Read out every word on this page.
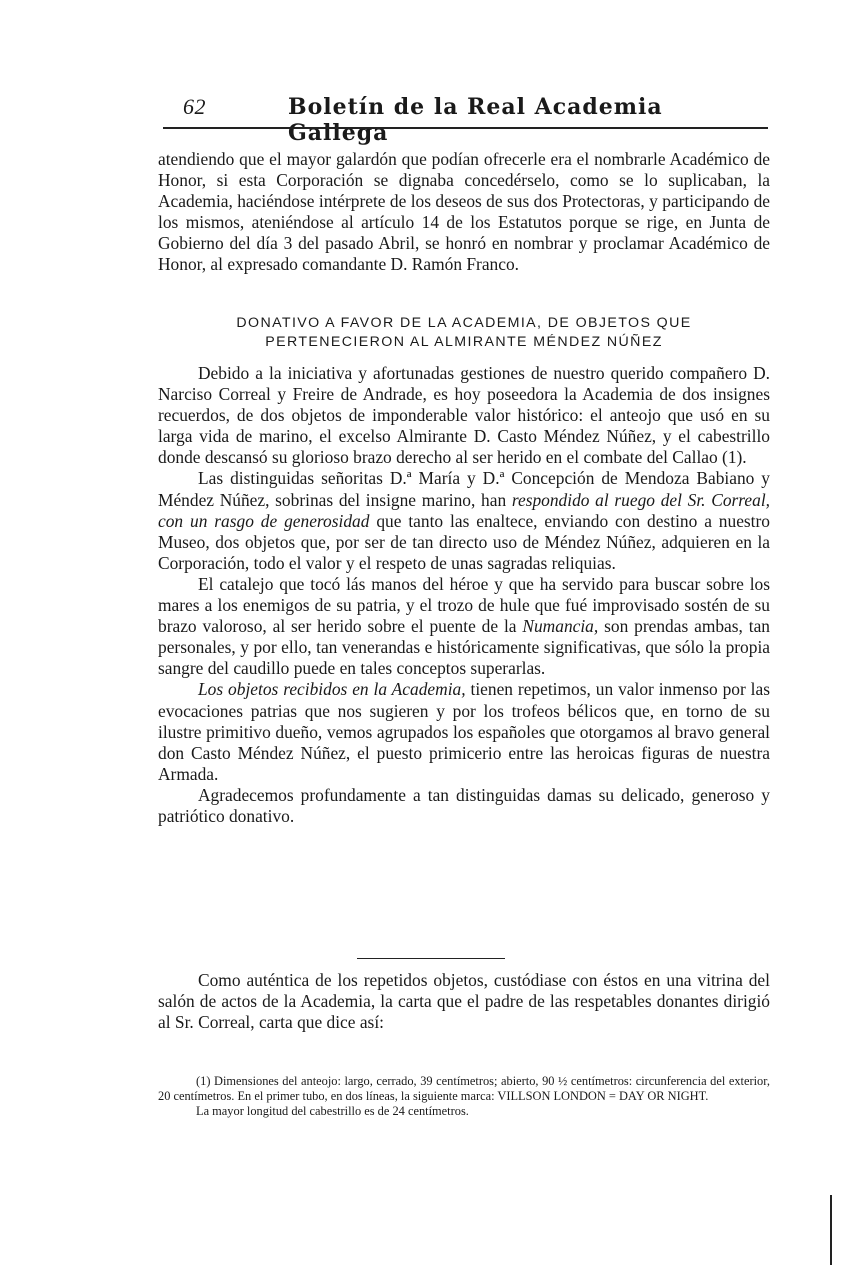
62	Boletín de la Real Academia Gallega

atendiendo que el mayor galardón que podían ofrecerle era el nombrarle Académico de Honor, si esta Corporación se dignaba concedérselo, como se lo suplicaban, la Academia, haciéndose intérprete de los deseos de sus dos Protectoras, y participando de los mismos, ateniéndose al artículo 14 de los Estatutos porque se rige, en Junta de Gobierno del día 3 del pasado Abril, se honró en nombrar y proclamar Académico de Honor, al expresado comandante D. Ramón Franco.

DONATIVO A FAVOR DE LA ACADEMIA, DE OBJETOS QUE
PERTENECIERON AL ALMIRANTE MÉNDEZ NÚÑEZ

Debido a la iniciativa y afortunadas gestiones de nuestro querido compañero D. Narciso Correal y Freire de Andrade, es hoy poseedora la Academia de dos insignes recuerdos, de dos objetos de imponderable valor histórico: el anteojo que usó en su larga vida de marino, el excelso Almirante D. Casto Méndez Núñez, y el cabestrillo donde descansó su glorioso brazo derecho al ser herido en el combate del Callao (1).

Las distinguidas señoritas D.ª María y D.ª Concepción de Mendoza Babiano y Méndez Núñez, sobrinas del insigne marino, han respondido al ruego del Sr. Correal, con un rasgo de generosidad que tanto las enaltece, enviando con destino a nuestro Museo, dos objetos que, por ser de tan directo uso de Méndez Núñez, adquieren en la Corporación, todo el valor y el respeto de unas sagradas reliquias.

El catalejo que tocó lás manos del héroe y que ha servido para buscar sobre los mares a los enemigos de su patria, y el trozo de hule que fué improvisado sostén de su brazo valoroso, al ser herido sobre el puente de la Numancia, son prendas ambas, tan personales, y por ello, tan venerandas e históricamente significativas, que sólo la propia sangre del caudillo puede en tales conceptos superarlas.

Los objetos recibidos en la Academia, tienen repetimos, un valor inmenso por las evocaciones patrias que nos sugieren y por los trofeos bélicos que, en torno de su ilustre primitivo dueño, vemos agrupados los españoles que otorgamos al bravo general don Casto Méndez Núñez, el puesto primicerio entre las heroicas figuras de nuestra Armada.

Agradecemos profundamente a tan distinguidas damas su delicado, generoso y patriótico donativo.

Como auténtica de los repetidos objetos, custódiase con éstos en una vitrina del salón de actos de la Academia, la carta que el padre de las respetables donantes dirigió al Sr. Correal, carta que dice así:

(1) Dimensiones del anteojo: largo, cerrado, 39 centímetros; abierto, 90 ½ centímetros: circunferencia del exterior, 20 centímetros. En el primer tubo, en dos líneas, la siguiente marca: VILLSON LONDON = DAY OR NIGHT.

La mayor longitud del cabestrillo es de 24 centímetros.
